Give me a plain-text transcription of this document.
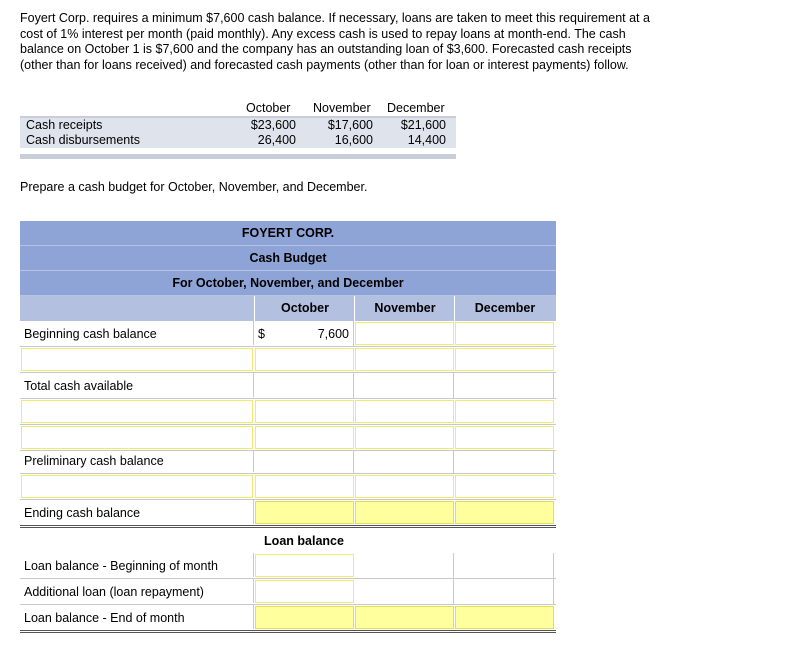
Foyert Corp. requires a minimum $7,600 cash balance. If necessary, loans are taken to meet this requirement at a cost of 1% interest per month (paid monthly). Any excess cash is used to repay loans at month-end. The cash balance on October 1 is $7,600 and the company has an outstanding loan of $3,600. Forecasted cash receipts (other than for loans received) and forecasted cash payments (other than for loan or interest payments) follow.
October November December
Cash receipts	$23,600	$17,600	$21,600
Cash disbursements	26,400	16,600	14,400
Prepare a cash budget for October, November, and December.
FOYERT CORP.
Cash Budget
For October, November, and December
October	November	December
Beginning cash balance	$	7,600
Total cash available
Preliminary cash balance
Ending cash balance
Loan balance
Loan balance - Beginning of month
Additional loan (loan repayment)
Loan balance - End of month
